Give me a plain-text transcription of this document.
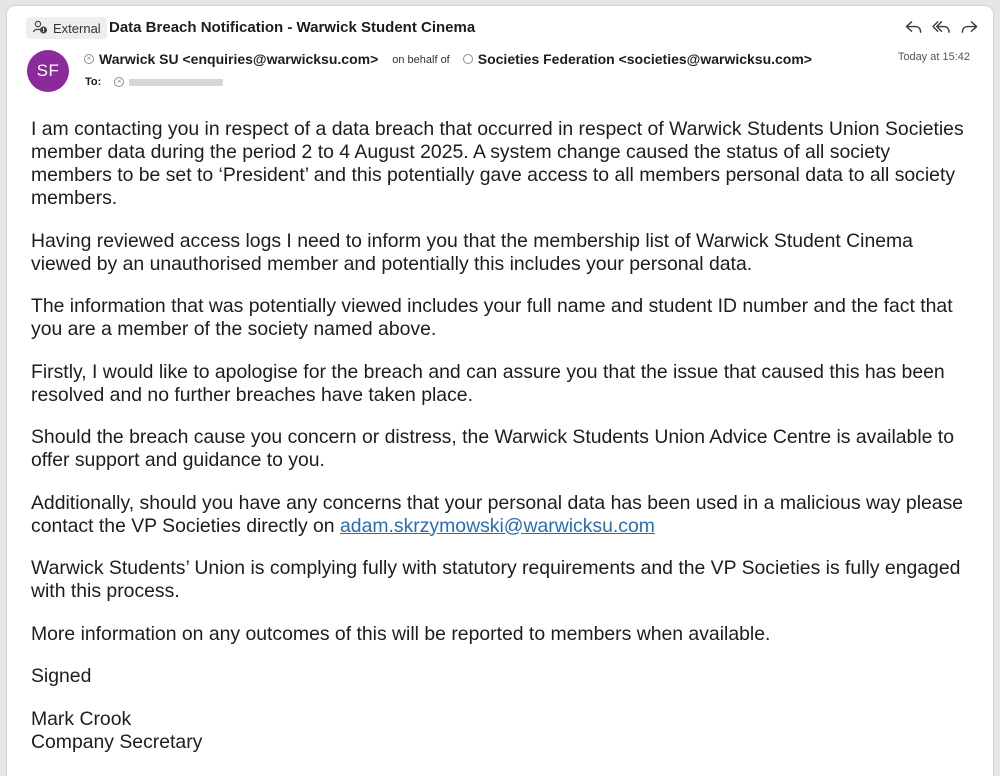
External Data Breach Notification - Warwick Student Cinema
SF
× Warwick SU <enquiries@warwicksu.com> on behalf of Societies Federation <societies@warwicksu.com>	Today at 15:42
To:	×

I am contacting you in respect of a data breach that occurred in respect of Warwick Students Union Societies member data during the period 2 to 4 August 2025. A system change caused the status of all society members to be set to ‘President’ and this potentially gave access to all members personal data to all society members.

Having reviewed access logs I need to inform you that the membership list of Warwick Student Cinema viewed by an unauthorised member and potentially this includes your personal data.

The information that was potentially viewed includes your full name and student ID number and the fact that you are a member of the society named above.

Firstly, I would like to apologise for the breach and can assure you that the issue that caused this has been resolved and no further breaches have taken place.

Should the breach cause you concern or distress, the Warwick Students Union Advice Centre is available to offer support and guidance to you.

Additionally, should you have any concerns that your personal data has been used in a malicious way please contact the VP Societies directly on adam.skrzymowski@warwicksu.com

Warwick Students’ Union is complying fully with statutory requirements and the VP Societies is fully engaged with this process.

More information on any outcomes of this will be reported to members when available.

Signed

Mark Crook
Company Secretary
